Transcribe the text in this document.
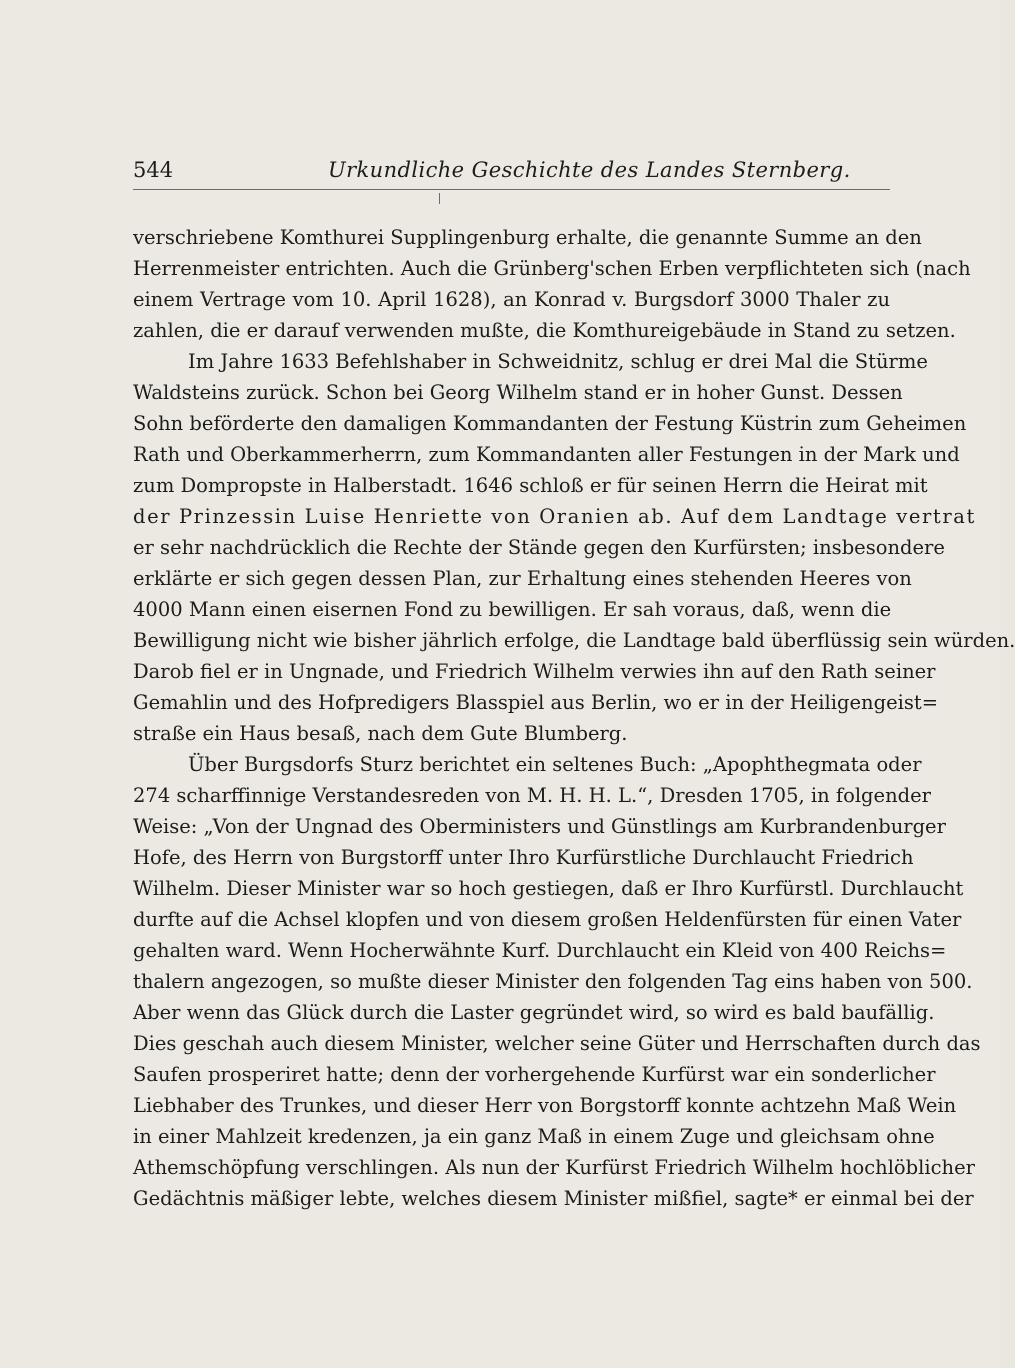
544	Urkundliche Geschichte des Landes Sternberg.
verschriebene Komthurei Supplingenburg erhalte, die genannte Summe an den
Herrenmeister entrichten. Auch die Grünberg'schen Erben verpflichteten sich (nach
einem Vertrage vom 10. April 1628), an Konrad v. Burgsdorf 3000 Thaler zu
zahlen, die er darauf verwenden mußte, die Komthureigebäude in Stand zu setzen.
Im Jahre 1633 Befehlshaber in Schweidnitz, schlug er drei Mal die Stürme
Waldsteins zurück. Schon bei Georg Wilhelm stand er in hoher Gunst. Dessen
Sohn beförderte den damaligen Kommandanten der Festung Küstrin zum Geheimen
Rath und Oberkammerherrn, zum Kommandanten aller Festungen in der Mark und
zum Dompropste in Halberstadt. 1646 schloß er für seinen Herrn die Heirat mit
der Prinzessin Luise Henriette von Oranien ab. Auf dem Landtage vertrat
er sehr nachdrücklich die Rechte der Stände gegen den Kurfürsten; insbesondere
erklärte er sich gegen dessen Plan, zur Erhaltung eines stehenden Heeres von
4000 Mann einen eisernen Fond zu bewilligen. Er sah voraus, daß, wenn die
Bewilligung nicht wie bisher jährlich erfolge, die Landtage bald überflüssig sein würden.
Darob fiel er in Ungnade, und Friedrich Wilhelm verwies ihn auf den Rath seiner
Gemahlin und des Hofpredigers Blasspiel aus Berlin, wo er in der Heiligengeist=
straße ein Haus besaß, nach dem Gute Blumberg.
Über Burgsdorfs Sturz berichtet ein seltenes Buch: „Apophthegmata oder
274 scharffinnige Verstandesreden von M. H. H. L.“, Dresden 1705, in folgender
Weise: „Von der Ungnad des Oberministers und Günstlings am Kurbrandenburger
Hofe, des Herrn von Burgstorff unter Ihro Kurfürstliche Durchlaucht Friedrich
Wilhelm. Dieser Minister war so hoch gestiegen, daß er Ihro Kurfürstl. Durchlaucht
durfte auf die Achsel klopfen und von diesem großen Heldenfürsten für einen Vater
gehalten ward. Wenn Hocherwähnte Kurf. Durchlaucht ein Kleid von 400 Reichs=
thalern angezogen, so mußte dieser Minister den folgenden Tag eins haben von 500.
Aber wenn das Glück durch die Laster gegründet wird, so wird es bald baufällig.
Dies geschah auch diesem Minister, welcher seine Güter und Herrschaften durch das
Saufen prosperiret hatte; denn der vorhergehende Kurfürst war ein sonderlicher
Liebhaber des Trunkes, und dieser Herr von Borgstorff konnte achtzehn Maß Wein
in einer Mahlzeit kredenzen, ja ein ganz Maß in einem Zuge und gleichsam ohne
Athemschöpfung verschlingen. Als nun der Kurfürst Friedrich Wilhelm hochlöblicher
Gedächtnis mäßiger lebte, welches diesem Minister mißfiel, sagte* er einmal bei der
